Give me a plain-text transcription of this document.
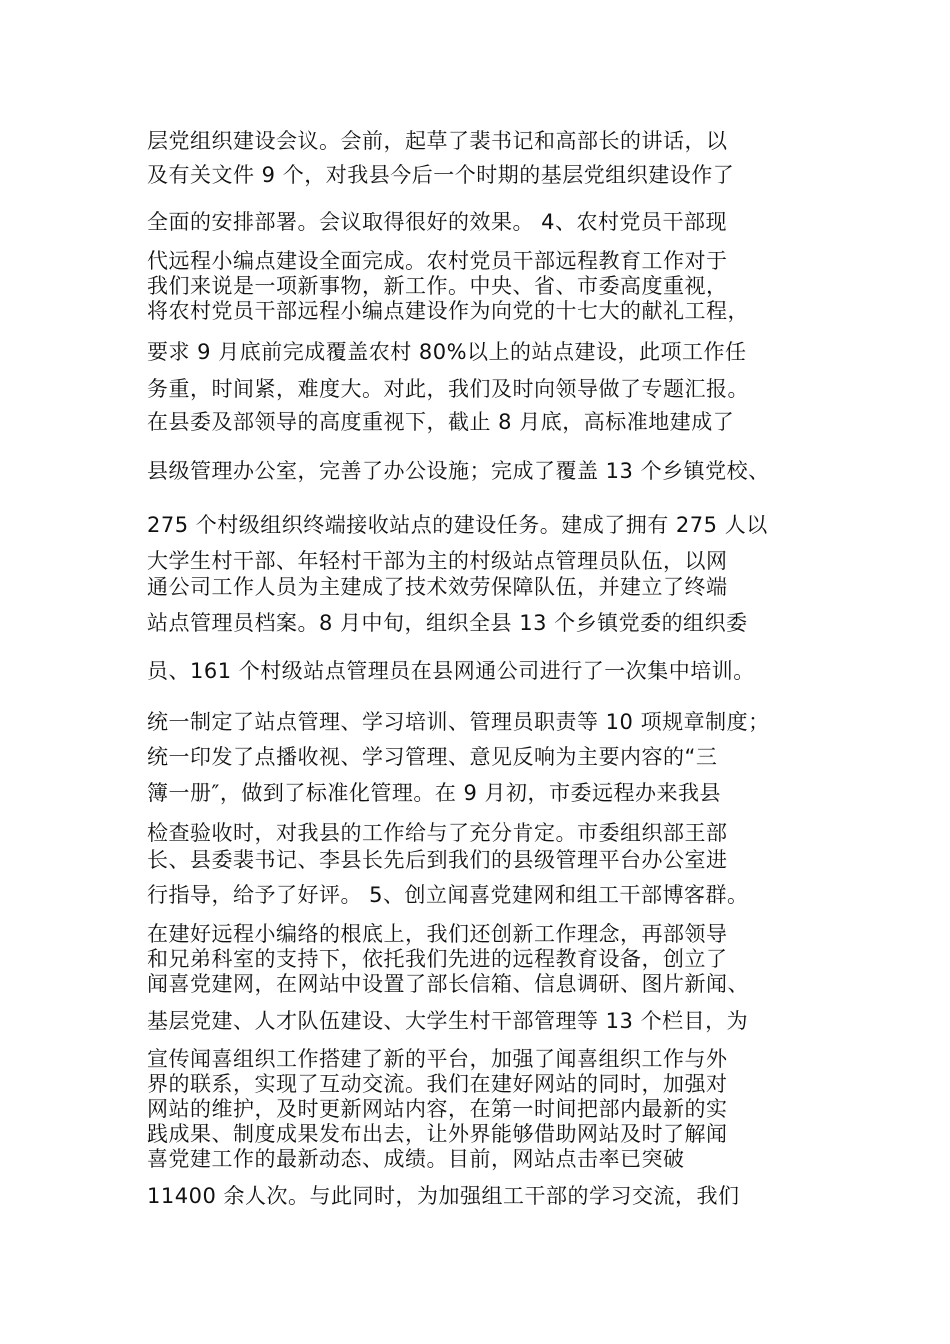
层党组织建设会议。会前，起草了裴书记和高部长的讲话，以
及有关文件 9 个，对我县今后一个时期的基层党组织建设作了
全面的安排部署。会议取得很好的效果。 4、农村党员干部现
代远程小编点建设全面完成。农村党员干部远程教育工作对于
我们来说是一项新事物，新工作。中央、省、市委高度重视，
将农村党员干部远程小编点建设作为向党的十七大的献礼工程，
要求 9 月底前完成覆盖农村 80%以上的站点建设，此项工作任
务重，时间紧，难度大。对此，我们及时向领导做了专题汇报。
在县委及部领导的高度重视下，截止 8 月底，高标准地建成了
县级管理办公室，完善了办公设施；完成了覆盖 13 个乡镇党校、
275 个村级组织终端接收站点的建设任务。建成了拥有 275 人以
大学生村干部、年轻村干部为主的村级站点管理员队伍，以网
通公司工作人员为主建成了技术效劳保障队伍，并建立了终端
站点管理员档案。8 月中旬，组织全县 13 个乡镇党委的组织委
员、161 个村级站点管理员在县网通公司进行了一次集中培训。
统一制定了站点管理、学习培训、管理员职责等 10 项规章制度；
统一印发了点播收视、学习管理、意见反响为主要内容的“三
簿一册″，做到了标准化管理。在 9 月初，市委远程办来我县
检查验收时，对我县的工作给与了充分肯定。市委组织部王部
长、县委裴书记、李县长先后到我们的县级管理平台办公室进
行指导，给予了好评。 5、创立闻喜党建网和组工干部博客群。
在建好远程小编络的根底上，我们还创新工作理念，再部领导
和兄弟科室的支持下，依托我们先进的远程教育设备，创立了
闻喜党建网，在网站中设置了部长信箱、信息调研、图片新闻、
基层党建、人才队伍建设、大学生村干部管理等 13 个栏目，为
宣传闻喜组织工作搭建了新的平台，加强了闻喜组织工作与外
界的联系，实现了互动交流。我们在建好网站的同时，加强对
网站的维护，及时更新网站内容，在第一时间把部内最新的实
践成果、制度成果发布出去，让外界能够借助网站及时了解闻
喜党建工作的最新动态、成绩。目前，网站点击率已突破
11400 余人次。与此同时，为加强组工干部的学习交流，我们
